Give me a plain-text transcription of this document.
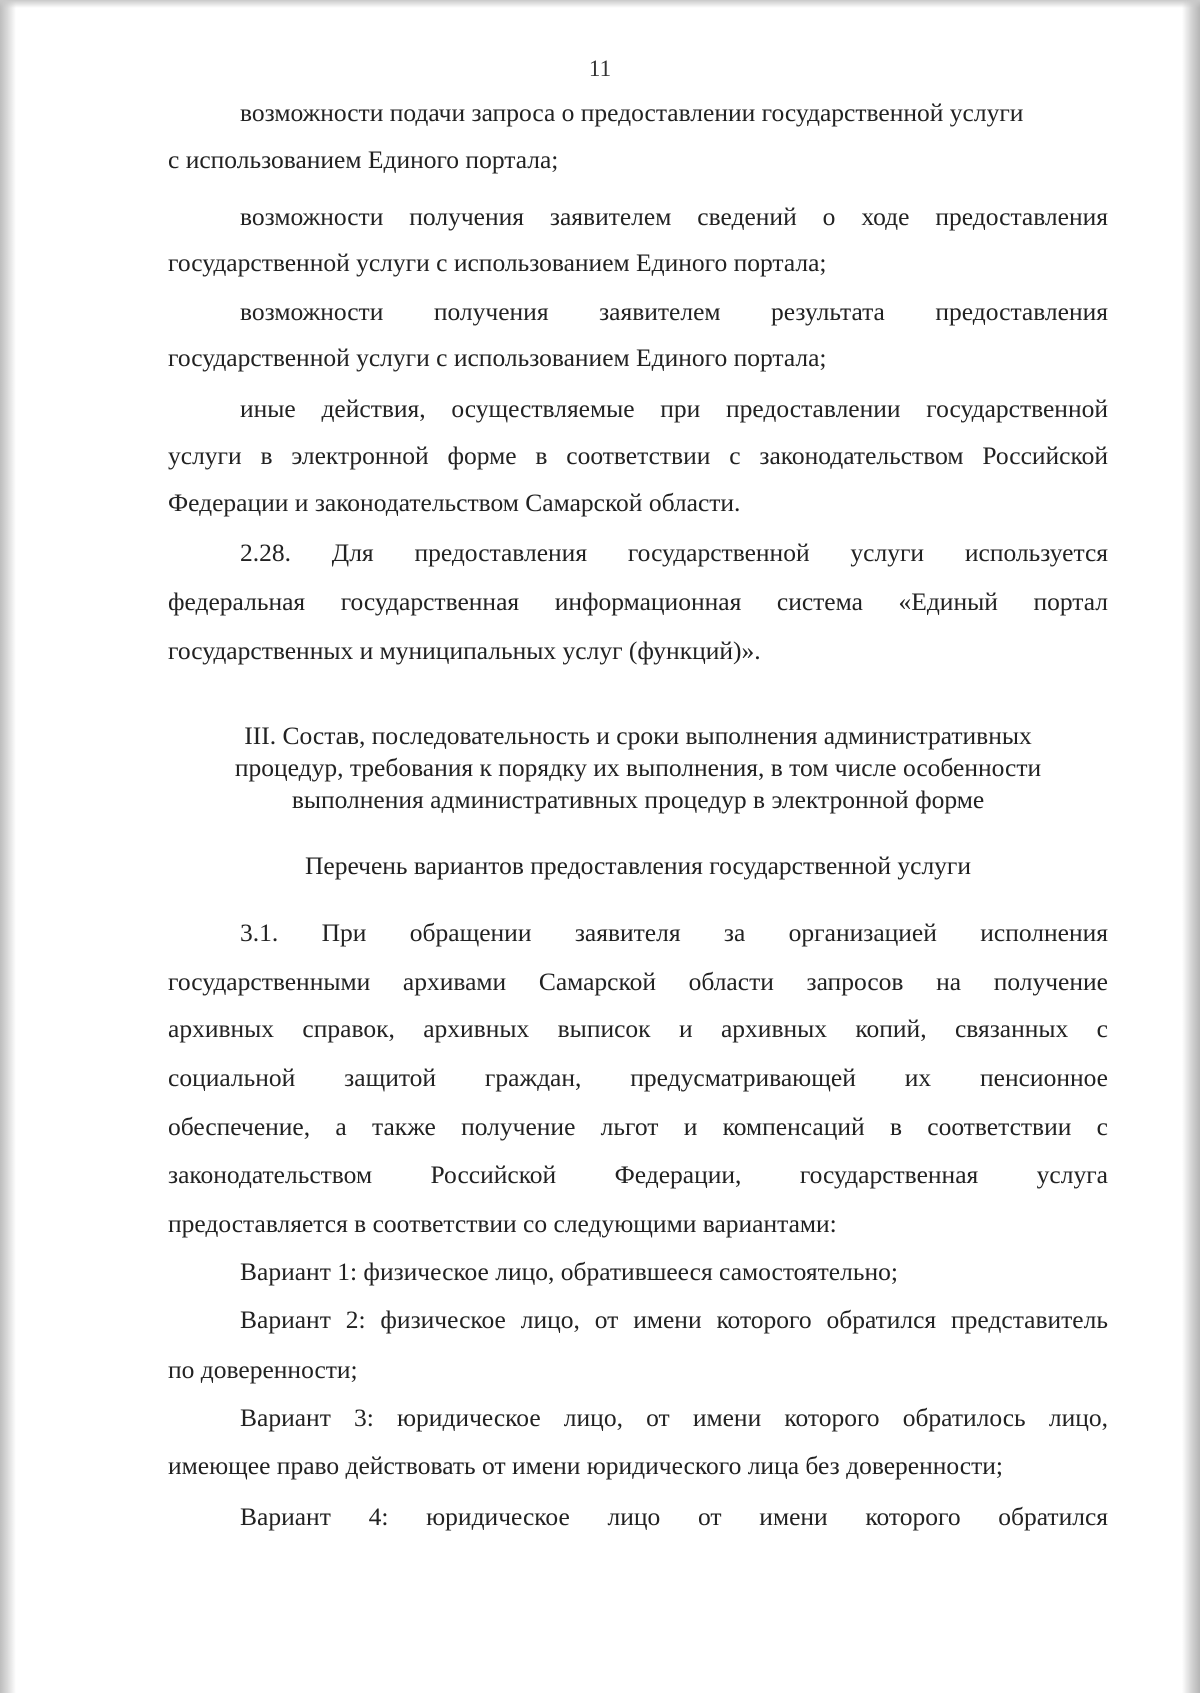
11
возможности подачи запроса о предоставлении государственной услуги
с использованием Единого портала;
возможности получения заявителем сведений о ходе предоставления
государственной услуги с использованием Единого портала;
возможности получения заявителем результата предоставления
государственной услуги с использованием Единого портала;
иные действия, осуществляемые при предоставлении государственной
услуги в электронной форме в соответствии с законодательством Российской
Федерации и законодательством Самарской области.
2.28. Для предоставления государственной услуги используется
федеральная государственная информационная система «Единый портал
государственных и муниципальных услуг (функций)».
III. Состав, последовательность и сроки выполнения административных
процедур, требования к порядку их выполнения, в том числе особенности
выполнения административных процедур в электронной форме
Перечень вариантов предоставления государственной услуги
3.1. При обращении заявителя за организацией исполнения
государственными архивами Самарской области запросов на получение
архивных справок, архивных выписок и архивных копий, связанных с
социальной защитой граждан, предусматривающей их пенсионное
обеспечение, а также получение льгот и компенсаций в соответствии с
законодательством Российской Федерации, государственная услуга
предоставляется в соответствии со следующими вариантами:
Вариант 1: физическое лицо, обратившееся самостоятельно;
Вариант 2: физическое лицо, от имени которого обратился представитель
по доверенности;
Вариант 3: юридическое лицо, от имени которого обратилось лицо,
имеющее право действовать от имени юридического лица без доверенности;
Вариант 4: юридическое лицо от имени которого обратился
